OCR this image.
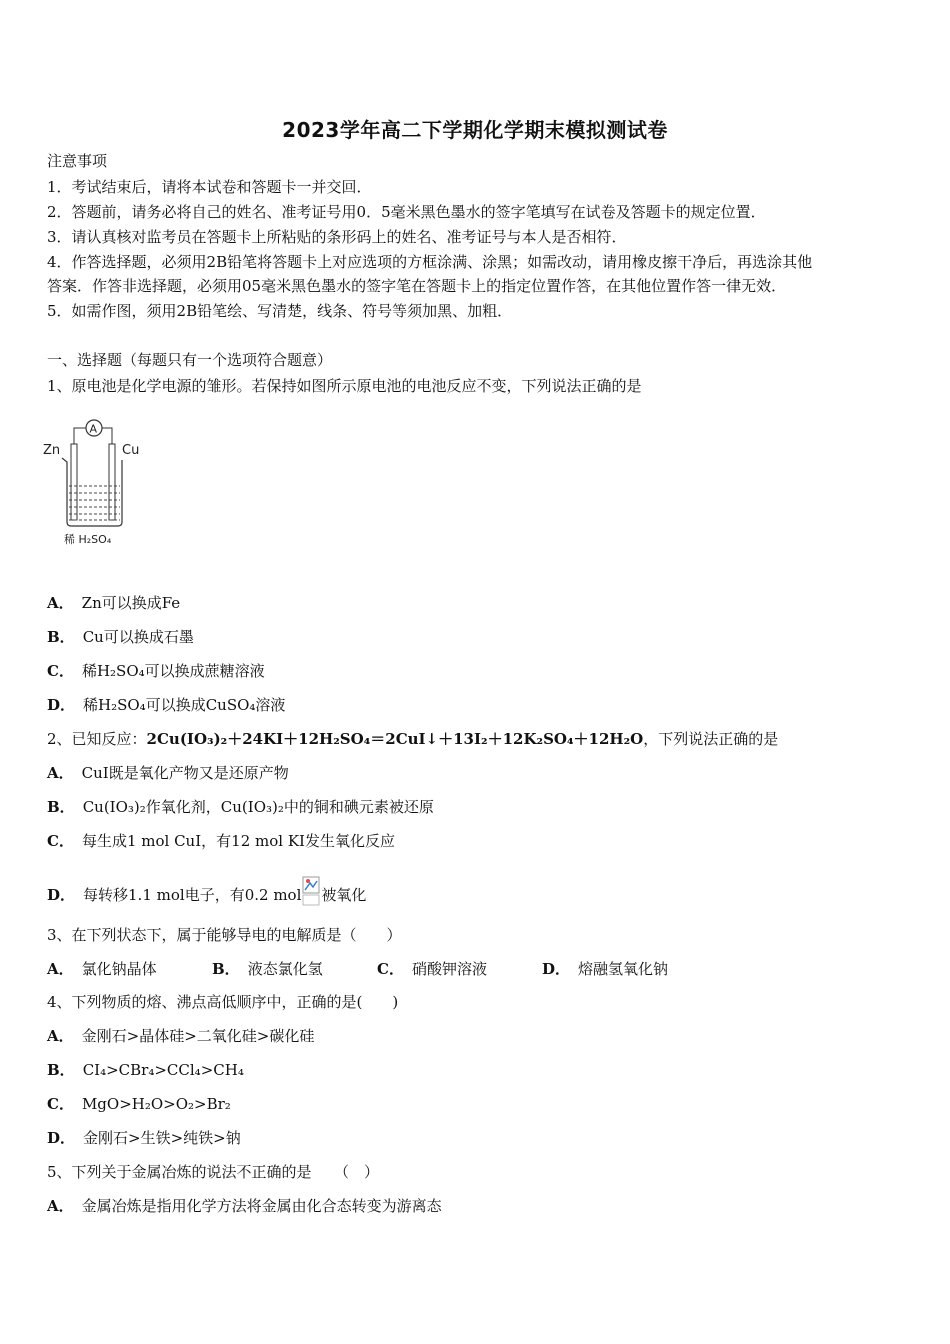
2023学年高二下学期化学期末模拟测试卷
注意事项
1．考试结束后，请将本试卷和答题卡一并交回．
2．答题前，请务必将自己的姓名、准考证号用0．5毫米黑色墨水的签字笔填写在试卷及答题卡的规定位置．
3．请认真核对监考员在答题卡上所粘贴的条形码上的姓名、准考证号与本人是否相符．
4．作答选择题，必须用2B铅笔将答题卡上对应选项的方框涂满、涂黑；如需改动，请用橡皮擦干净后，再选涂其他
答案．作答非选择题，必须用05毫米黑色墨水的签字笔在答题卡上的指定位置作答，在其他位置作答一律无效．
5．如需作图，须用2B铅笔绘、写清楚，线条、符号等须加黑、加粗．
一、选择题（每题只有一个选项符合题意）
1、原电池是化学电源的雏形。若保持如图所示原电池的电池反应不变，下列说法正确的是
Zn	Cu
A
稀 H₂SO₄
A． Zn可以换成Fe
B． Cu可以换成石墨
C． 稀H₂SO₄可以换成蔗糖溶液
D． 稀H₂SO₄可以换成CuSO₄溶液
2、已知反应：2Cu(IO₃)₂＋24KI＋12H₂SO₄＝2CuI↓＋13I₂＋12K₂SO₄＋12H₂O，下列说法正确的是
A． CuI既是氧化产物又是还原产物
B． Cu(IO₃)₂作氧化剂，Cu(IO₃)₂中的铜和碘元素被还原
C． 每生成1 mol CuI，有12 mol KI发生氧化反应
D． 每转移1.1 mol电子，有0.2 mol 被氧化
3、在下列状态下，属于能够导电的电解质是（　　）
A． 氯化钠晶体	B． 液态氯化氢	C． 硝酸钾溶液	D． 熔融氢氧化钠
4、下列物质的熔、沸点高低顺序中，正确的是(　　)
A． 金刚石>晶体硅>二氧化硅>碳化硅
B． CI₄>CBr₄>CCl₄>CH₄
C． MgO>H₂O>O₂>Br₂
D． 金刚石>生铁>纯铁>钠
5、下列关于金属冶炼的说法不正确的是　　（　）
A． 金属冶炼是指用化学方法将金属由化合态转变为游离态
